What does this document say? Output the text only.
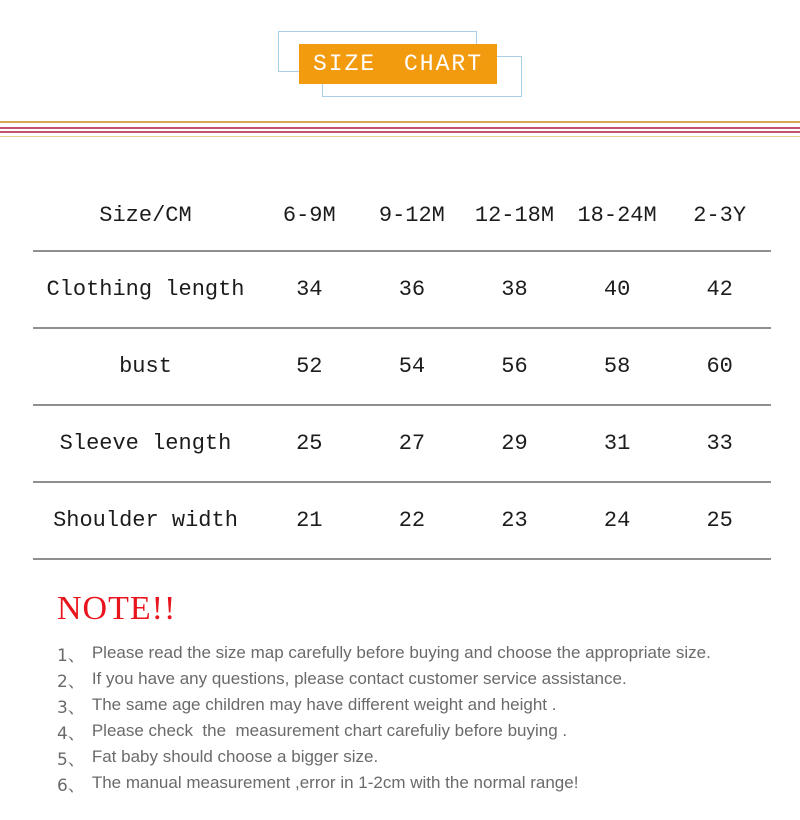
SIZE CHART
Size/CM	6-9M	9-12M	12-18M	18-24M	2-3Y
Clothing length	34	36	38	40	42
bust	52	54	56	58	60
Sleeve length	25	27	29	31	33
Shoulder width	21	22	23	24	25
NOTE!!
1、 Please read the size map carefully before buying and choose the appropriate size.
2、 If you have any questions, please contact customer service assistance.
3、 The same age children may have different weight and height .
4、 Please check  the  measurement chart carefuliy before buying .
5、 Fat baby should choose a bigger size.
6、 The manual measurement ,error in 1-2cm with the normal range!
